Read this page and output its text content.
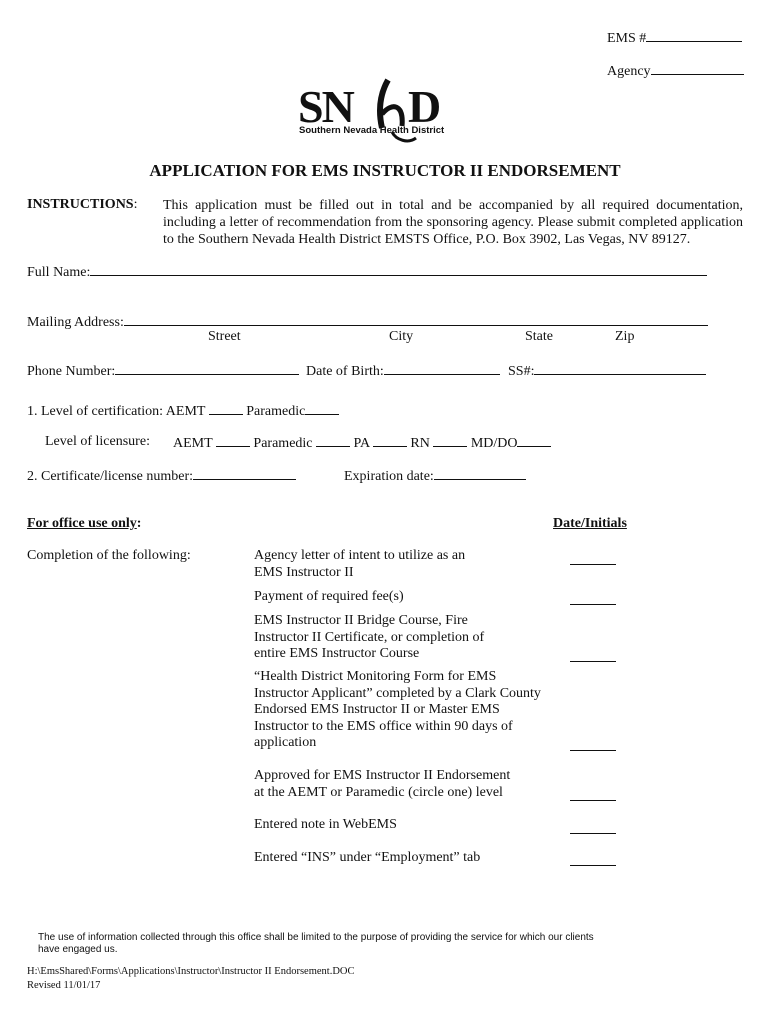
EMS #
Agency
SN D
Southern Nevada Health District
APPLICATION FOR EMS INSTRUCTOR II ENDORSEMENT
INSTRUCTIONS: This application must be filled out in total and be accompanied by all required documentation, including a letter of recommendation from the sponsoring agency. Please submit completed application to the Southern Nevada Health District EMSTS Office, P.O. Box 3902, Las Vegas, NV 89127.
Full Name:
Mailing Address:
Street	City	State	Zip
Phone Number:	Date of Birth:	SS#:
1. Level of certification: AEMT	Paramedic
Level of licensure: AEMT	Paramedic	PA	RN	MD/DO
2. Certificate/license number:	Expiration date:
For office use only:	Date/Initials
Completion of the following:	Agency letter of intent to utilize as an EMS Instructor II
Payment of required fee(s)
EMS Instructor II Bridge Course, Fire Instructor II Certificate, or completion of entire EMS Instructor Course
“Health District Monitoring Form for EMS Instructor Applicant” completed by a Clark County Endorsed EMS Instructor II or Master EMS Instructor to the EMS office within 90 days of application
Approved for EMS Instructor II Endorsement at the AEMT or Paramedic (circle one) level
Entered note in WebEMS
Entered “INS” under “Employment” tab
The use of information collected through this office shall be limited to the purpose of providing the service for which our clients have engaged us.
H:\EmsShared\Forms\Applications\Instructor\Instructor II Endorsement.DOC
Revised 11/01/17
